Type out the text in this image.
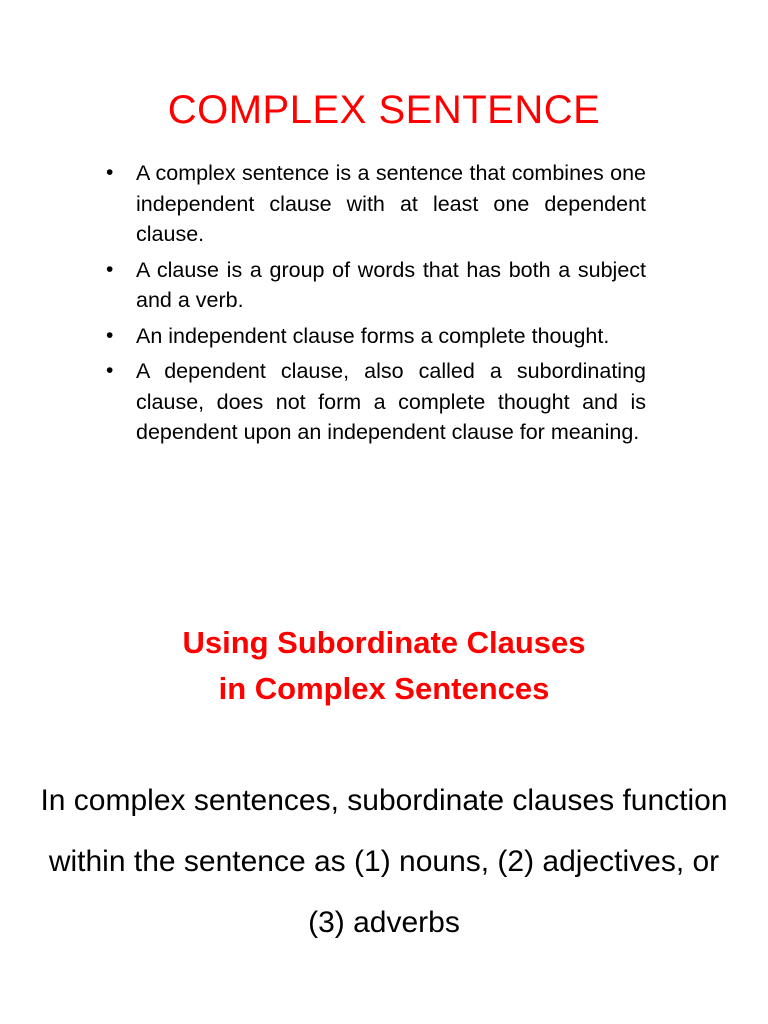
COMPLEX SENTENCE
• A complex sentence is a sentence that combines one independent clause with at least one dependent clause.
• A clause is a group of words that has both a subject and a verb.
• An independent clause forms a complete thought.
• A dependent clause, also called a subordinating clause, does not form a complete thought and is dependent upon an independent clause for meaning.
Using Subordinate Clauses
in Complex Sentences

In complex sentences, subordinate clauses function within the sentence as (1) nouns, (2) adjectives, or (3) adverbs
